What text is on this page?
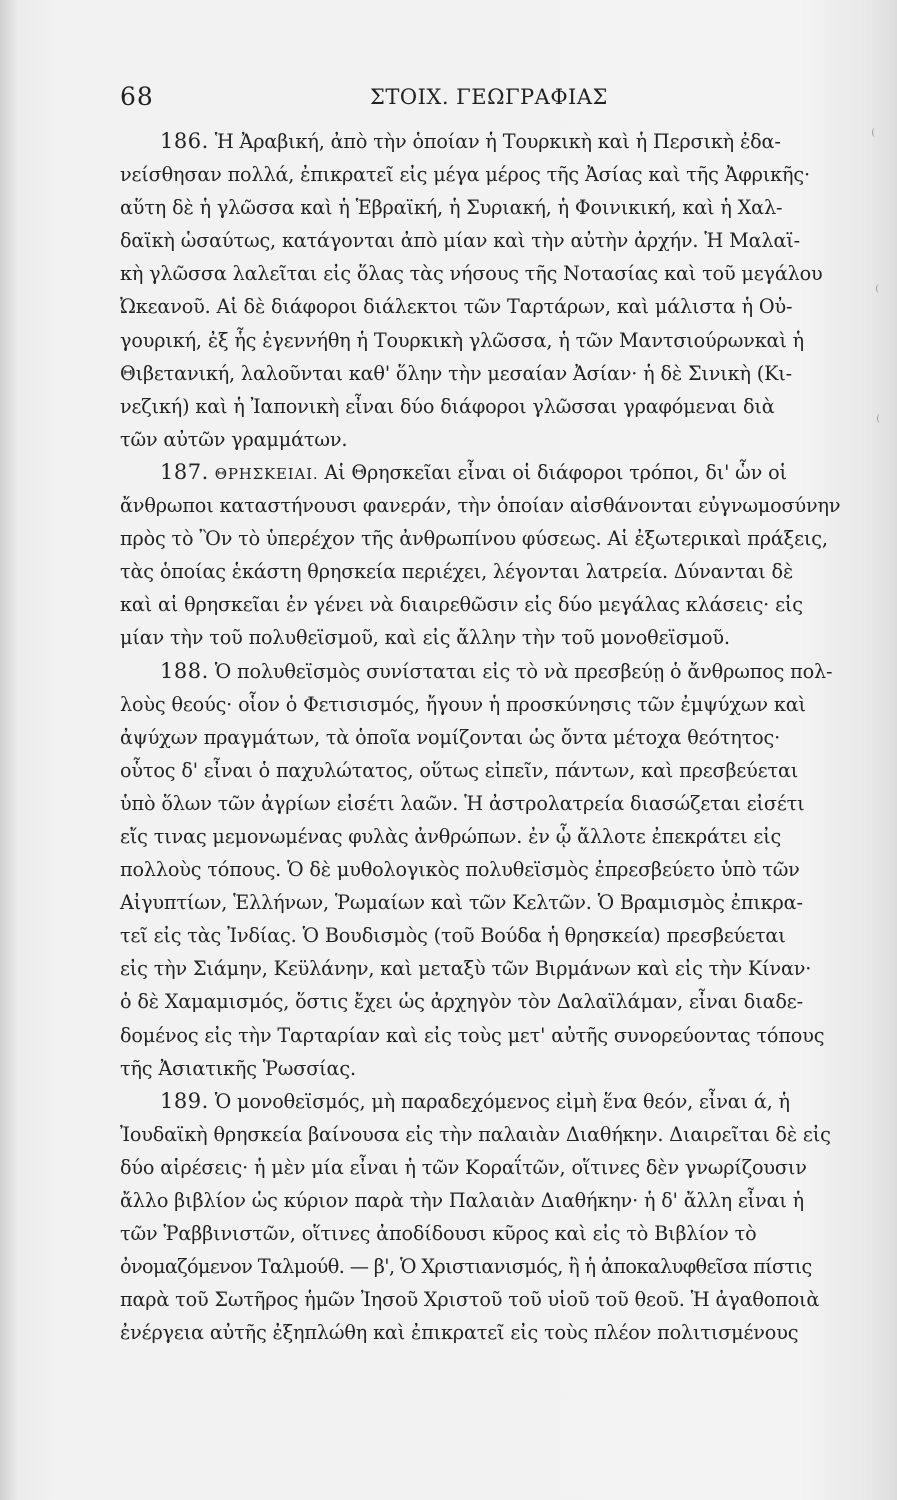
68	ΣΤΟΙΧ. ΓΕΩΓΡΑΦΙΑΣ
186. Ἡ Ἀραβική, ἀπὸ τὴν ὁποίαν ἡ Τουρκικὴ καὶ ἡ Περσικὴ ἐδα-
νείσθησαν πολλά, ἐπικρατεῖ εἰς μέγα μέρος τῆς Ἀσίας καὶ τῆς Ἀφρικῆς·
αὕτη δὲ ἡ γλῶσσα καὶ ἡ Ἑβραϊκή, ἡ Συριακή, ἡ Φοινικική, καὶ ἡ Χαλ-
δαϊκὴ ὡσαύτως, κατάγονται ἀπὸ μίαν καὶ τὴν αὐτὴν ἀρχήν. Ἡ Μαλαϊ-
κὴ γλῶσσα λαλεῖται εἰς ὅλας τὰς νήσους τῆς Νοτασίας καὶ τοῦ μεγάλου
Ὠκεανοῦ. Αἱ δὲ διάφοροι διάλεκτοι τῶν Ταρτάρων, καὶ μάλιστα ἡ Οὐ-
γουρική, ἐξ ἧς ἐγεννήθη ἡ Τουρκικὴ γλῶσσα, ἡ τῶν Μαντσιούρωνκαὶ ἡ
Θιβετανική, λαλοῦνται καθ' ὅλην τὴν μεσαίαν Ἀσίαν· ἡ δὲ Σινικὴ (Κι-
νεζική) καὶ ἡ Ἰαπονικὴ εἶναι δύο διάφοροι γλῶσσαι γραφόμεναι διὰ
τῶν αὐτῶν γραμμάτων.
187. ΘΡΗΣΚΕΙΑΙ. Αἱ Θρησκεῖαι εἶναι οἱ διάφοροι τρόποι, δι' ὧν οἱ
ἄνθρωποι καταστήνουσι φανεράν, τὴν ὁποίαν αἰσθάνονται εὐγνωμοσύνην
πρὸς τὸ Ὂν τὸ ὑπερέχον τῆς ἀνθρωπίνου φύσεως. Αἱ ἐξωτερικαὶ πράξεις,
τὰς ὁποίας ἑκάστη θρησκεία περιέχει, λέγονται λατρεία. Δύνανται δὲ
καὶ αἱ θρησκεῖαι ἐν γένει νὰ διαιρεθῶσιν εἰς δύο μεγάλας κλάσεις· εἰς
μίαν τὴν τοῦ πολυθεϊσμοῦ, καὶ εἰς ἄλλην τὴν τοῦ μονοθεϊσμοῦ.
188. Ὁ πολυθεϊσμὸς συνίσταται εἰς τὸ νὰ πρεσβεύῃ ὁ ἄνθρωπος πολ-
λοὺς θεούς· οἷον ὁ Φετισισμός, ἤγουν ἡ προσκύνησις τῶν ἐμψύχων καὶ
ἀψύχων πραγμάτων, τὰ ὁποῖα νομίζονται ὡς ὄντα μέτοχα θεότητος·
οὗτος δ' εἶναι ὁ παχυλώτατος, οὕτως εἰπεῖν, πάντων, καὶ πρεσβεύεται
ὑπὸ ὅλων τῶν ἀγρίων εἰσέτι λαῶν. Ἡ ἀστρολατρεία διασώζεται εἰσέτι
εἴς τινας μεμονωμένας φυλὰς ἀνθρώπων. ἐν ᾧ ἄλλοτε ἐπεκράτει εἰς
πολλοὺς τόπους. Ὁ δὲ μυθολογικὸς πολυθεϊσμὸς ἐπρεσβεύετο ὑπὸ τῶν
Αἰγυπτίων, Ἑλλήνων, Ῥωμαίων καὶ τῶν Κελτῶν. Ὁ Βραμισμὸς ἐπικρα-
τεῖ εἰς τὰς Ἰνδίας. Ὁ Βουδισμὸς (τοῦ Βούδα ἡ θρησκεία) πρεσβεύεται
εἰς τὴν Σιάμην, Κεϋλάνην, καὶ μεταξὺ τῶν Βιρμάνων καὶ εἰς τὴν Κίναν·
ὁ δὲ Χαμαμισμός, ὅστις ἔχει ὡς ἀρχηγὸν τὸν Δαλαϊλάμαν, εἶναι διαδε-
δομένος εἰς τὴν Ταρταρίαν καὶ εἰς τοὺς μετ' αὐτῆς συνορεύοντας τόπους
τῆς Ἀσιατικῆς Ῥωσσίας.
189. Ὁ μονοθεϊσμός, μὴ παραδεχόμενος εἰμὴ ἕνα θεόν, εἶναι ά, ἡ
Ἰουδαϊκὴ θρησκεία βαίνουσα εἰς τὴν παλαιὰν Διαθήκην. Διαιρεῖται δὲ εἰς
δύο αἱρέσεις· ἡ μὲν μία εἶναι ἡ τῶν Κοραΐτῶν, οἵτινες δὲν γνωρίζουσιν
ἄλλο βιβλίον ὡς κύριον παρὰ τὴν Παλαιὰν Διαθήκην· ἡ δ' ἄλλη εἶναι ἡ
τῶν Ῥαββινιστῶν, οἵτινες ἀποδίδουσι κῦρος καὶ εἰς τὸ Βιβλίον τὸ
ὀνομαζόμενον Ταλμούθ. — β', Ὁ Χριστιανισμός, ἢ ἡ ἀποκαλυφθεῖσα πίστις
παρὰ τοῦ Σωτῆρος ἡμῶν Ἰησοῦ Χριστοῦ τοῦ υἱοῦ τοῦ θεοῦ. Ἡ ἀγαθοποιὰ
ἐνέργεια αὐτῆς ἐξηπλώθη καὶ ἐπικρατεῖ εἰς τοὺς πλέον πολιτισμένους
